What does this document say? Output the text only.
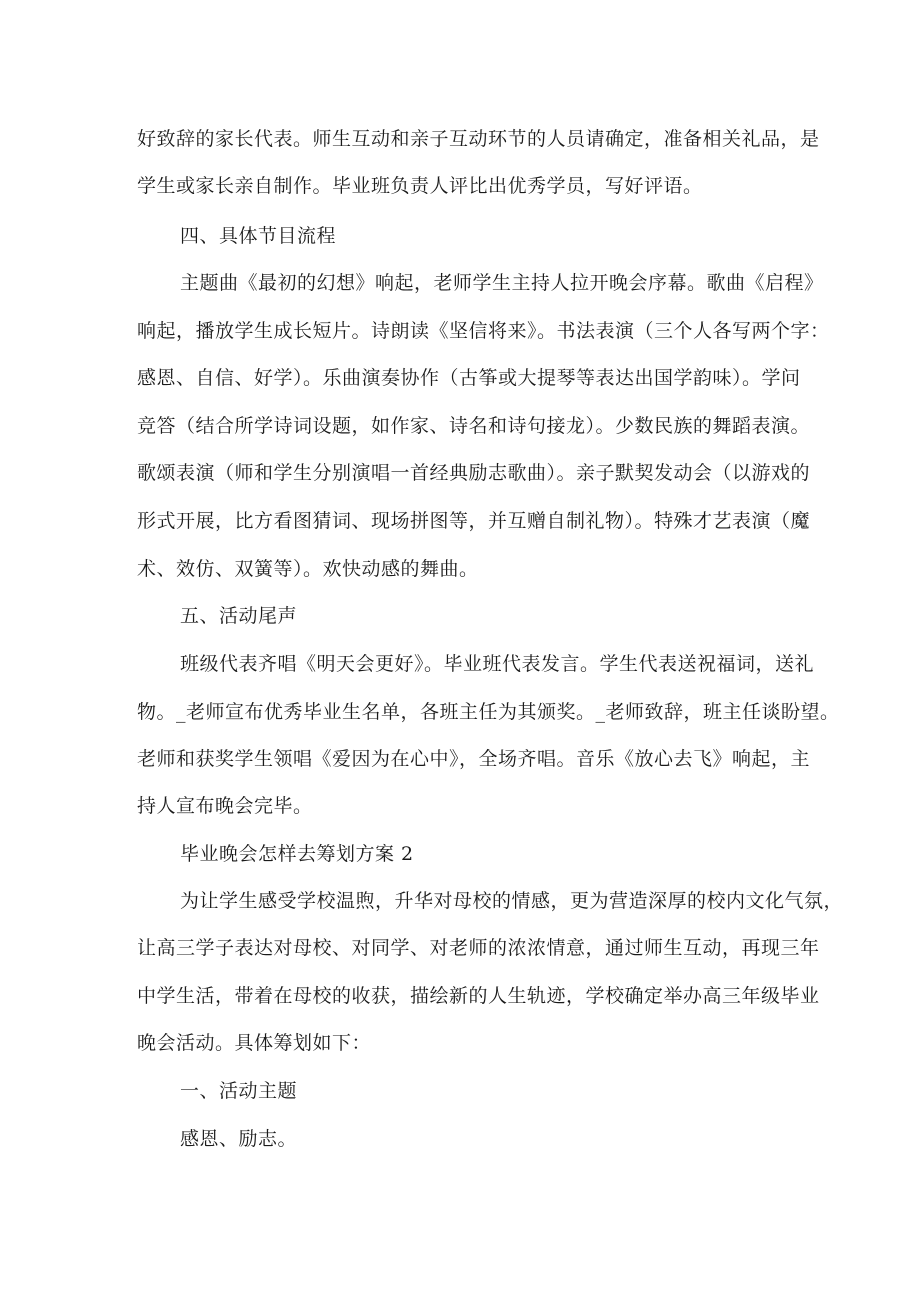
好致辞的家长代表。师生互动和亲子互动环节的人员请确定，准备相关礼品，是
学生或家长亲自制作。毕业班负责人评比出优秀学员，写好评语。
四、具体节目流程
主题曲《最初的幻想》响起，老师学生主持人拉开晚会序幕。歌曲《启程》
响起，播放学生成长短片。诗朗读《坚信将来》。书法表演（三个人各写两个字：
感恩、自信、好学）。乐曲演奏协作（古筝或大提琴等表达出国学韵味）。学问
竞答（结合所学诗词设题，如作家、诗名和诗句接龙）。少数民族的舞蹈表演。
歌颂表演（师和学生分别演唱一首经典励志歌曲）。亲子默契发动会（以游戏的
形式开展，比方看图猜词、现场拼图等，并互赠自制礼物）。特殊才艺表演（魔
术、效仿、双簧等）。欢快动感的舞曲。
五、活动尾声
班级代表齐唱《明天会更好》。毕业班代表发言。学生代表送祝福词，送礼
物。_老师宣布优秀毕业生名单，各班主任为其颁奖。_老师致辞，班主任谈盼望。
老师和获奖学生领唱《爱因为在心中》，全场齐唱。音乐《放心去飞》响起，主
持人宣布晚会完毕。
毕业晚会怎样去筹划方案 2
为让学生感受学校温煦，升华对母校的情感，更为营造深厚的校内文化气氛，
让高三学子表达对母校、对同学、对老师的浓浓情意，通过师生互动，再现三年
中学生活，带着在母校的收获，描绘新的人生轨迹，学校确定举办高三年级毕业
晚会活动。具体筹划如下：
一、活动主题
感恩、励志。
